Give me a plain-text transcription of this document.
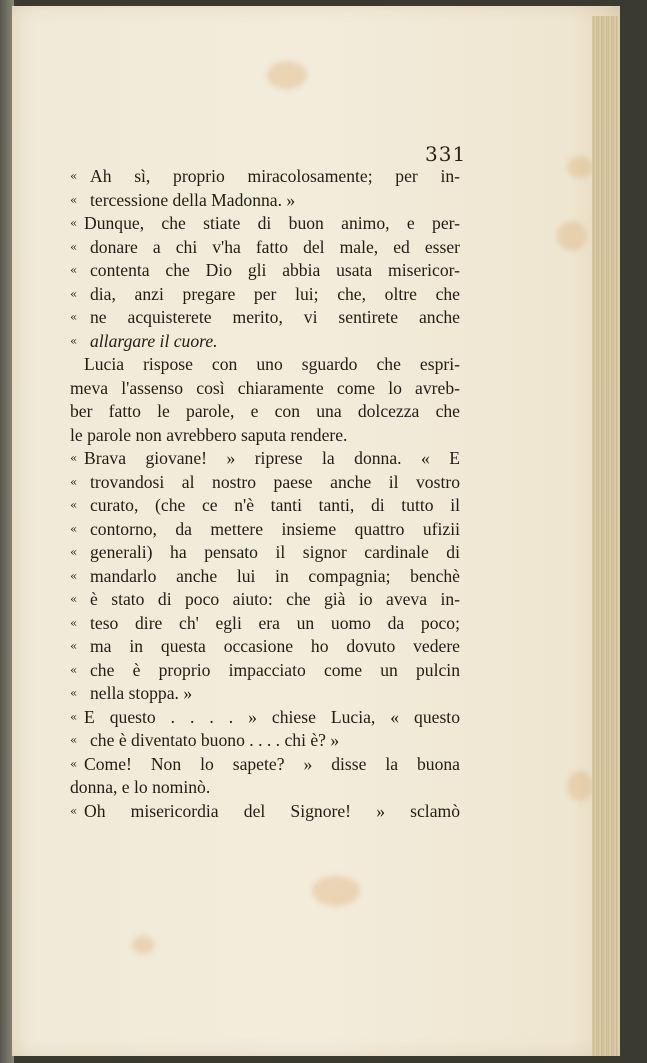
331
« Ah sì, proprio miracolosamente; per in-
« tercessione della Madonna. »
« Dunque, che stiate di buon animo, e per-
« donare a chi v'ha fatto del male, ed esser
« contenta che Dio gli abbia usata misericor-
« dia, anzi pregare per lui; che, oltre che
« ne acquisterete merito, vi sentirete anche
« allargare il cuore.
Lucia rispose con uno sguardo che espri-
meva l'assenso così chiaramente come lo avreb-
ber fatto le parole, e con una dolcezza che
le parole non avrebbero saputa rendere.
« Brava giovane! » riprese la donna. « E
« trovandosi al nostro paese anche il vostro
« curato, (che ce n'è tanti tanti, di tutto il
« contorno, da mettere insieme quattro ufizii
« generali) ha pensato il signor cardinale di
« mandarlo anche lui in compagnia; benchè
« è stato di poco aiuto: che già io aveva in-
« teso dire ch' egli era un uomo da poco;
« ma in questa occasione ho dovuto vedere
« che è proprio impacciato come un pulcin
« nella stoppa. »
« E questo . . . . » chiese Lucia, « questo
« che è diventato buono . . . . chi è? »
« Come! Non lo sapete? » disse la buona
donna, e lo nominò.
« Oh misericordia del Signore! » sclamò
